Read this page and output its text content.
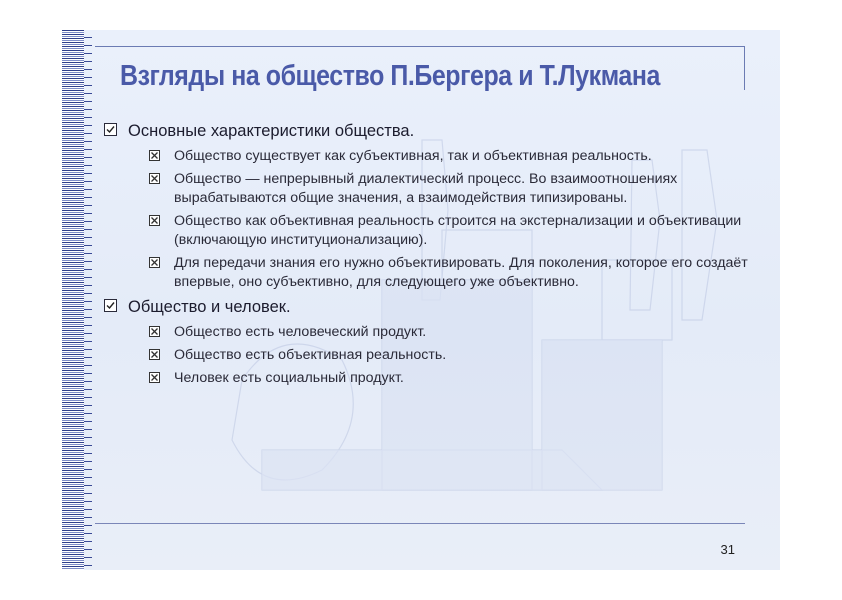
Взгляды на общество П.Бергера и Т.Лукмана
Основные характеристики общества.
Общество существует как субъективная, так и объективная реальность.
Общество — непрерывный диалектический процесс. Во взаимоотношениях вырабатываются общие значения, а взаимодействия типизированы.
Общество как объективная реальность строится на экстернализации и объективации (включающую институционализацию).
Для передачи знания его нужно объективировать. Для поколения, которое его создаёт впервые, оно субъективно, для следующего уже объективно.
Общество и человек.
Общество есть человеческий продукт.
Общество есть объективная реальность.
Человек есть социальный продукт.
31
